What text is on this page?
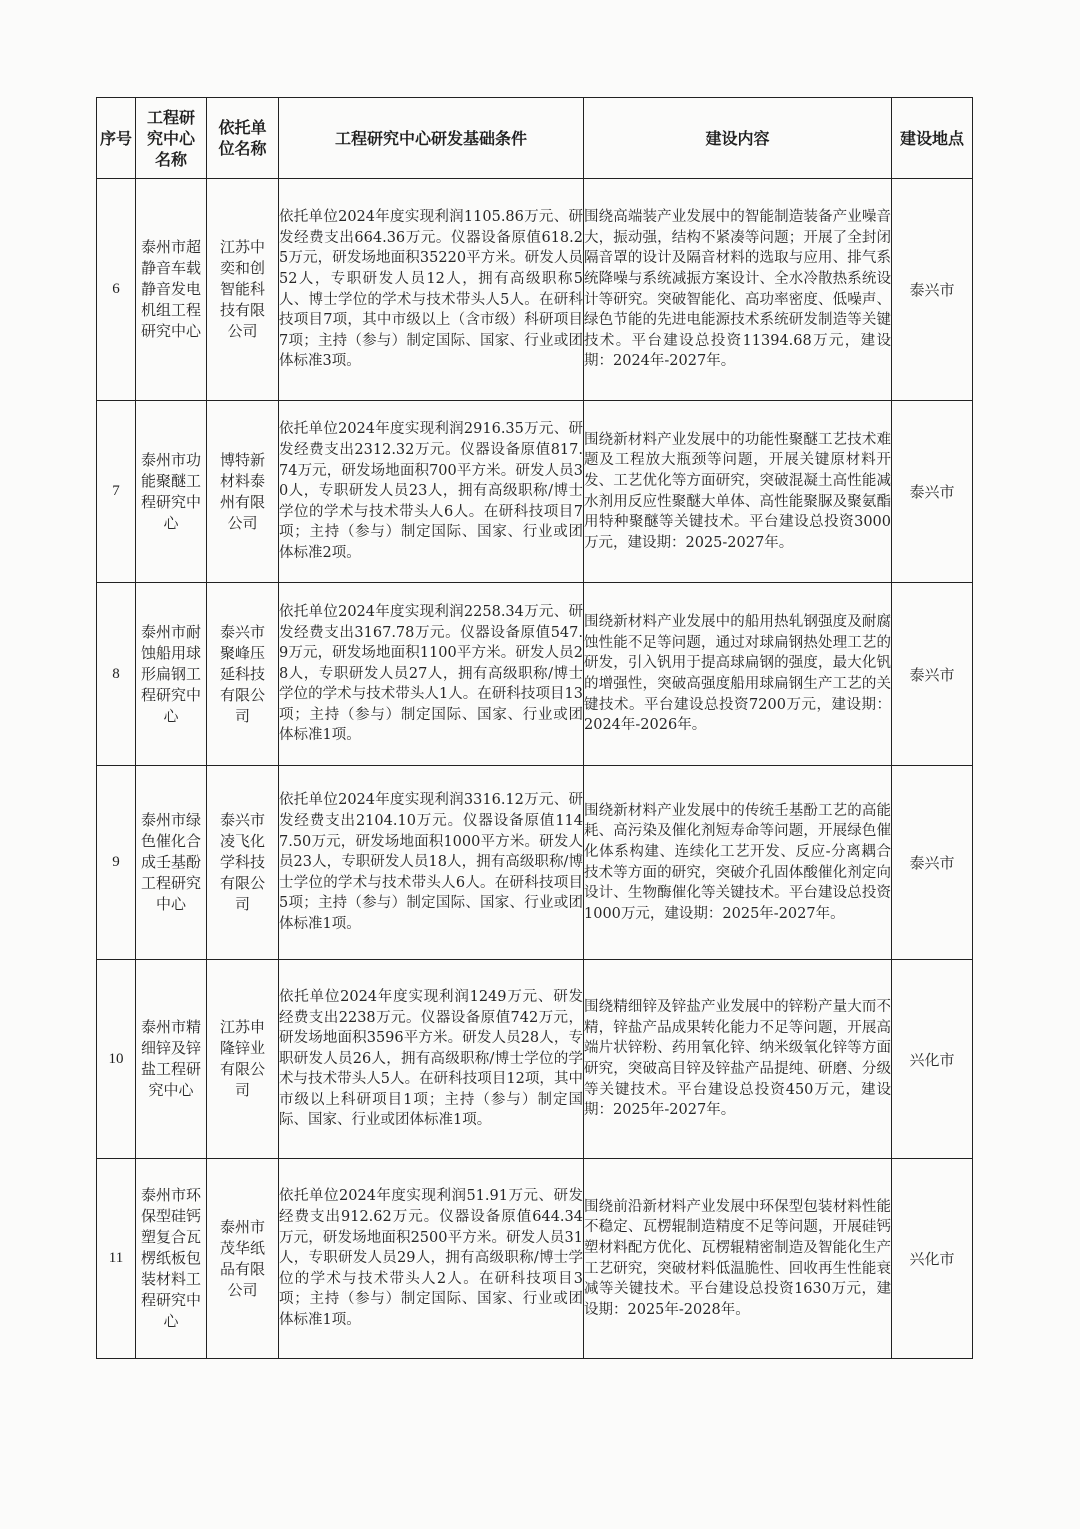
序号	工程研究中心名称	依托单位名称	工程研究中心研发基础条件	建设内容	建设地点
6	泰州市超静音车载静音发电机组工程研究中心	江苏中奕和创智能科技有限公司	依托单位2024年度实现利润1105.86万元、研发经费支出664.36万元。仪器设备原值618.25万元，研发场地面积35220平方米。研发人员52人，专职研发人员12人，拥有高级职称5人、博士学位的学术与技术带头人5人。在研科技项目7项，其中市级以上（含市级）科研项目7项；主持（参与）制定国际、国家、行业或团体标准3项。	围绕高端装产业发展中的智能制造装备产业噪音大，振动强，结构不紧凑等问题；开展了全封闭隔音罩的设计及隔音材料的选取与应用、排气系统降噪与系统减振方案设计、全水冷散热系统设计等研究。突破智能化、高功率密度、低噪声、绿色节能的先进电能源技术系统研发制造等关键技术。平台建设总投资11394.68万元，建设期：2024年-2027年。	泰兴市
7	泰州市功能聚醚工程研究中心	博特新材料泰州有限公司	依托单位2024年度实现利润2916.35万元、研发经费支出2312.32万元。仪器设备原值817.74万元，研发场地面积700平方米。研发人员30人，专职研发人员23人，拥有高级职称/博士学位的学术与技术带头人6人。在研科技项目7项；主持（参与）制定国际、国家、行业或团体标准2项。	围绕新材料产业发展中的功能性聚醚工艺技术难题及工程放大瓶颈等问题，开展关键原材料开发、工艺优化等方面研究，突破混凝土高性能减水剂用反应性聚醚大单体、高性能聚脲及聚氨酯用特种聚醚等关键技术。平台建设总投资3000万元，建设期：2025-2027年。	泰兴市
8	泰州市耐蚀船用球形扁钢工程研究中心	泰兴市聚峰压延科技有限公司	依托单位2024年度实现利润2258.34万元、研发经费支出3167.78万元。仪器设备原值547.9万元，研发场地面积1100平方米。研发人员28人，专职研发人员27人，拥有高级职称/博士学位的学术与技术带头人1人。在研科技项目13项；主持（参与）制定国际、国家、行业或团体标准1项。	围绕新材料产业发展中的船用热轧钢强度及耐腐蚀性能不足等问题，通过对球扁钢热处理工艺的研发，引入钒用于提高球扁钢的强度，最大化钒的增强性，突破高强度船用球扁钢生产工艺的关键技术。平台建设总投资7200万元，建设期：2024年-2026年。	泰兴市
9	泰州市绿色催化合成壬基酚工程研究中心	泰兴市凌飞化学科技有限公司	依托单位2024年度实现利润3316.12万元、研发经费支出2104.10万元。仪器设备原值1147.50万元，研发场地面积1000平方米。研发人员23人，专职研发人员18人，拥有高级职称/博士学位的学术与技术带头人6人。在研科技项目5项；主持（参与）制定国际、国家、行业或团体标准1项。	围绕新材料产业发展中的传统壬基酚工艺的高能耗、高污染及催化剂短寿命等问题，开展绿色催化体系构建、连续化工艺开发、反应-分离耦合技术等方面的研究，突破介孔固体酸催化剂定向设计、生物酶催化等关键技术。平台建设总投资1000万元，建设期：2025年-2027年。	泰兴市
10	泰州市精细锌及锌盐工程研究中心	江苏申隆锌业有限公司	依托单位2024年度实现利润1249万元、研发经费支出2238万元。仪器设备原值742万元，研发场地面积3596平方米。研发人员28人，专职研发人员26人，拥有高级职称/博士学位的学术与技术带头人5人。在研科技项目12项，其中市级以上科研项目1项；主持（参与）制定国际、国家、行业或团体标准1项。	围绕精细锌及锌盐产业发展中的锌粉产量大而不精，锌盐产品成果转化能力不足等问题，开展高端片状锌粉、药用氧化锌、纳米级氧化锌等方面研究，突破高目锌及锌盐产品提纯、研磨、分级等关键技术。平台建设总投资450万元，建设期：2025年-2027年。	兴化市
11	泰州市环保型硅钙塑复合瓦楞纸板包装材料工程研究中心	泰州市茂华纸品有限公司	依托单位2024年度实现利润51.91万元、研发经费支出912.62万元。仪器设备原值644.34万元，研发场地面积2500平方米。研发人员31人，专职研发人员29人，拥有高级职称/博士学位的学术与技术带头人2人。在研科技项目3项；主持（参与）制定国际、国家、行业或团体标准1项。	围绕前沿新材料产业发展中环保型包装材料性能不稳定、瓦楞辊制造精度不足等问题，开展硅钙塑材料配方优化、瓦楞辊精密制造及智能化生产工艺研究，突破材料低温脆性、回收再生性能衰减等关键技术。平台建设总投资1630万元，建设期：2025年-2028年。	兴化市
